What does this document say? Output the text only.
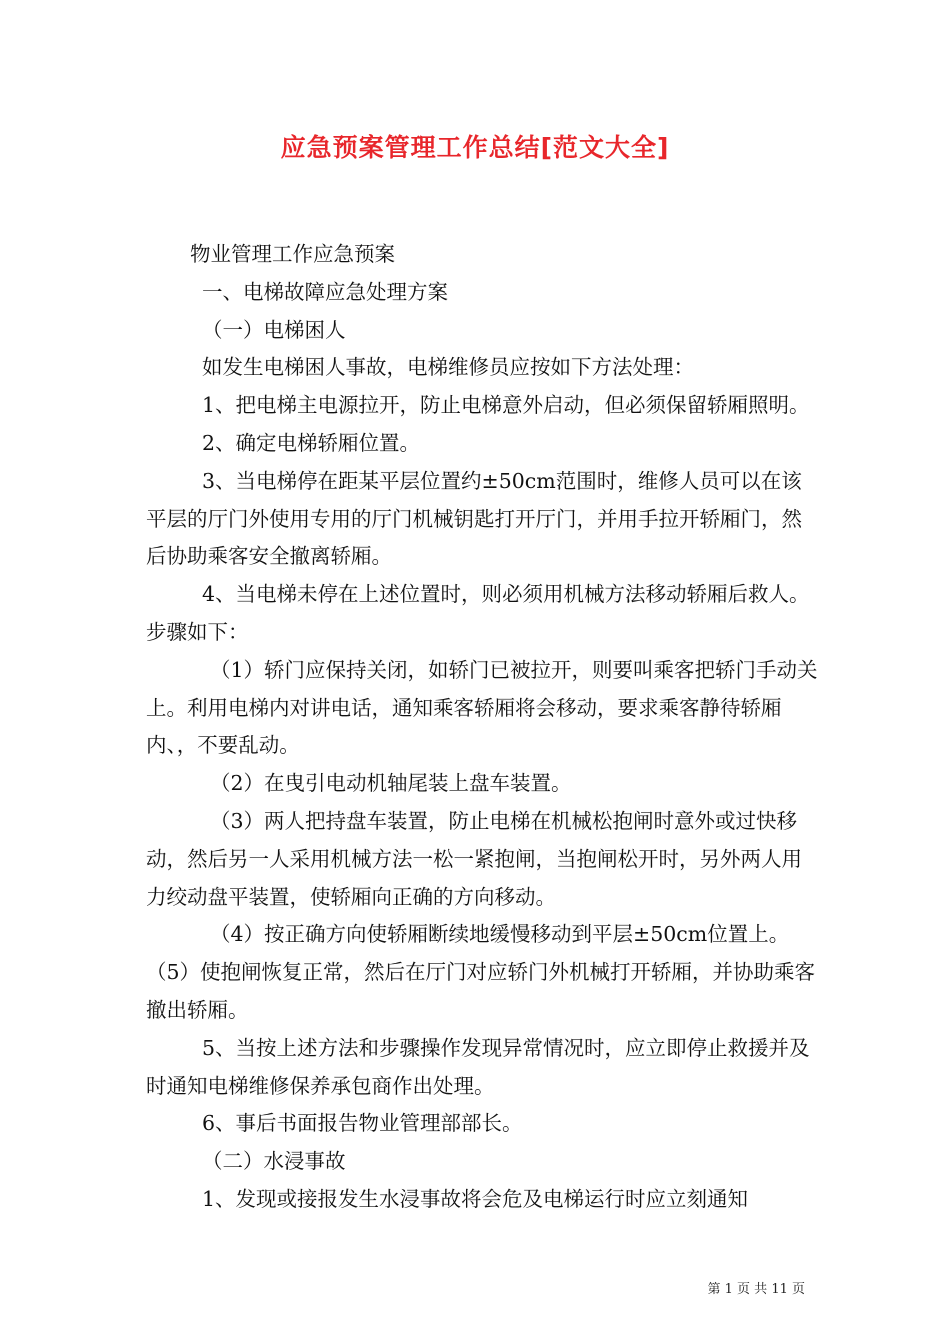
应急预案管理工作总结[范文大全]

物业管理工作应急预案

一、电梯故障应急处理方案

（一）电梯困人

如发生电梯困人事故，电梯维修员应按如下方法处理：

1、把电梯主电源拉开，防止电梯意外启动，但必须保留轿厢照明。

2、确定电梯轿厢位置。

3、当电梯停在距某平层位置约±50cm范围时，维修人员可以在该平层的厅门外使用专用的厅门机械钥匙打开厅门，并用手拉开轿厢门，然后协助乘客安全撤离轿厢。

4、当电梯未停在上述位置时，则必须用机械方法移动轿厢后救人。步骤如下：

（1）轿门应保持关闭，如轿门已被拉开，则要叫乘客把轿门手动关上。利用电梯内对讲电话，通知乘客轿厢将会移动，要求乘客静待轿厢内、，不要乱动。

（2）在曳引电动机轴尾装上盘车装置。

（3）两人把持盘车装置，防止电梯在机械松抱闸时意外或过快移动，然后另一人采用机械方法一松一紧抱闸，当抱闸松开时，另外两人用力绞动盘平装置，使轿厢向正确的方向移动。

（4）按正确方向使轿厢断续地缓慢移动到平层±50cm位置上。

（5）使抱闸恢复正常，然后在厅门对应轿门外机械打开轿厢，并协助乘客撤出轿厢。

5、当按上述方法和步骤操作发现异常情况时，应立即停止救援并及时通知电梯维修保养承包商作出处理。

6、事后书面报告物业管理部部长。

（二）水浸事故

1、发现或接报发生水浸事故将会危及电梯运行时应立刻通知

第 1 页 共 11 页
